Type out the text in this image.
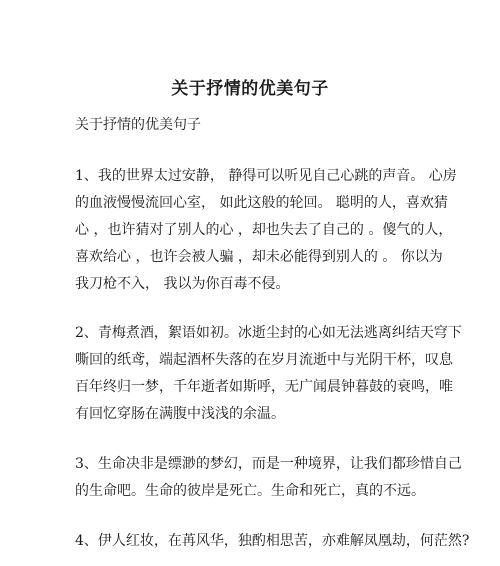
关于抒情的优美句子
关于抒情的优美句子
1、我的世界太过安静， 静得可以听见自己心跳的声音。 心房
的血液慢慢流回心室， 如此这般的轮回。 聪明的人，喜欢猜
心 ，也许猜对了别人的心 ，却也失去了自己的 。傻气的人，
喜欢给心 ，也许会被人骗 ，却未必能得到别人的 。 你以为
我刀枪不入， 我以为你百毒不侵。
2、青梅煮酒，絮语如初。冰逝尘封的心如无法逃离纠结天穹下
嘶回的纸鸢，端起酒杯失落的在岁月流逝中与光阴干杯，叹息
百年终归一梦，千年逝者如斯呼，无广闻晨钟暮鼓的衰鸣，唯
有回忆穿肠在满腹中浅浅的余温。
3、生命决非是缥渺的梦幻，而是一种境界，让我们都珍惜自己
的生命吧。生命的彼岸是死亡。生命和死亡，真的不远。
4、伊人红妆，在苒风华，独酌相思苦，亦难解凤凰劫，何茫然?
